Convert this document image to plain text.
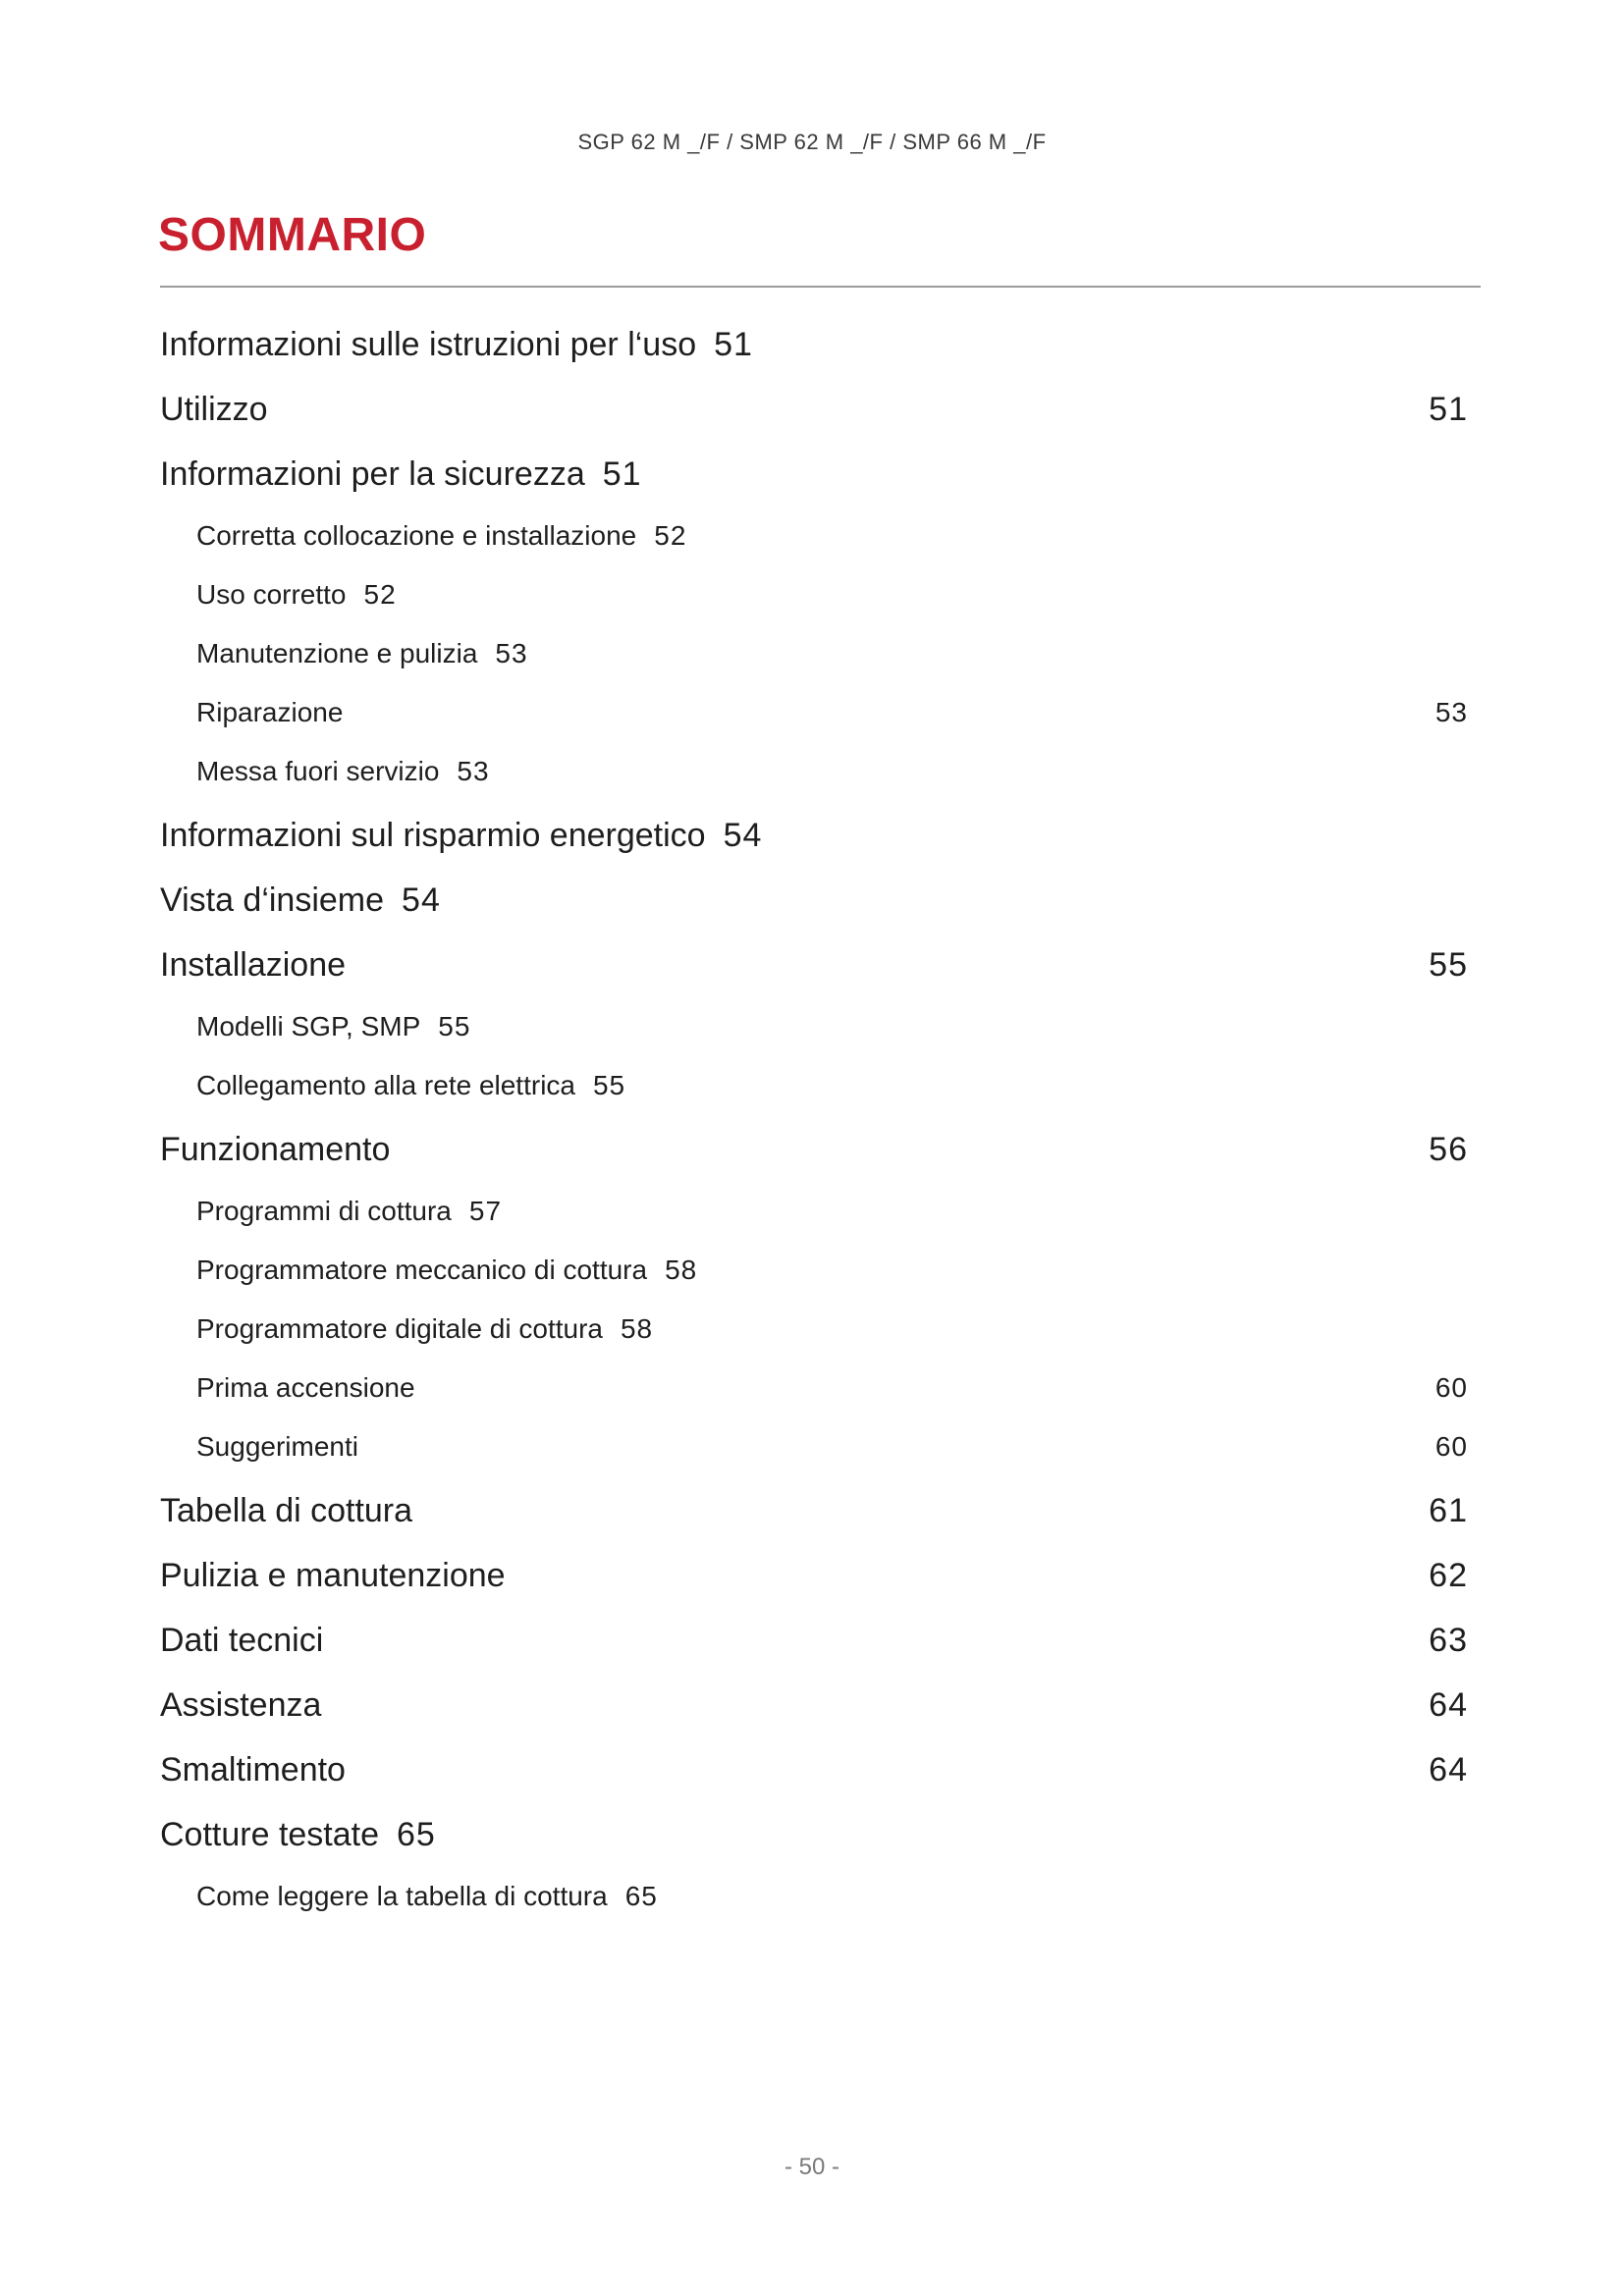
SGP 62 M _/F / SMP 62 M _/F / SMP 66 M _/F
SOMMARIO
Informazioni sulle istruzioni per l‘uso 51
Utilizzo	51
Informazioni per la sicurezza 51
Corretta collocazione e installazione 52
Uso corretto 52
Manutenzione e pulizia 53
Riparazione	53
Messa fuori servizio 53
Informazioni sul risparmio energetico 54
Vista d‘insieme 54
Installazione	55
Modelli SGP, SMP 55
Collegamento alla rete elettrica 55
Funzionamento	56
Programmi di cottura 57
Programmatore meccanico di cottura 58
Programmatore digitale di cottura 58
Prima accensione	60
Suggerimenti	60
Tabella di cottura	61
Pulizia e manutenzione	62
Dati tecnici	63
Assistenza	64
Smaltimento	64
Cotture testate 65
Come leggere la tabella di cottura 65
- 50 -
